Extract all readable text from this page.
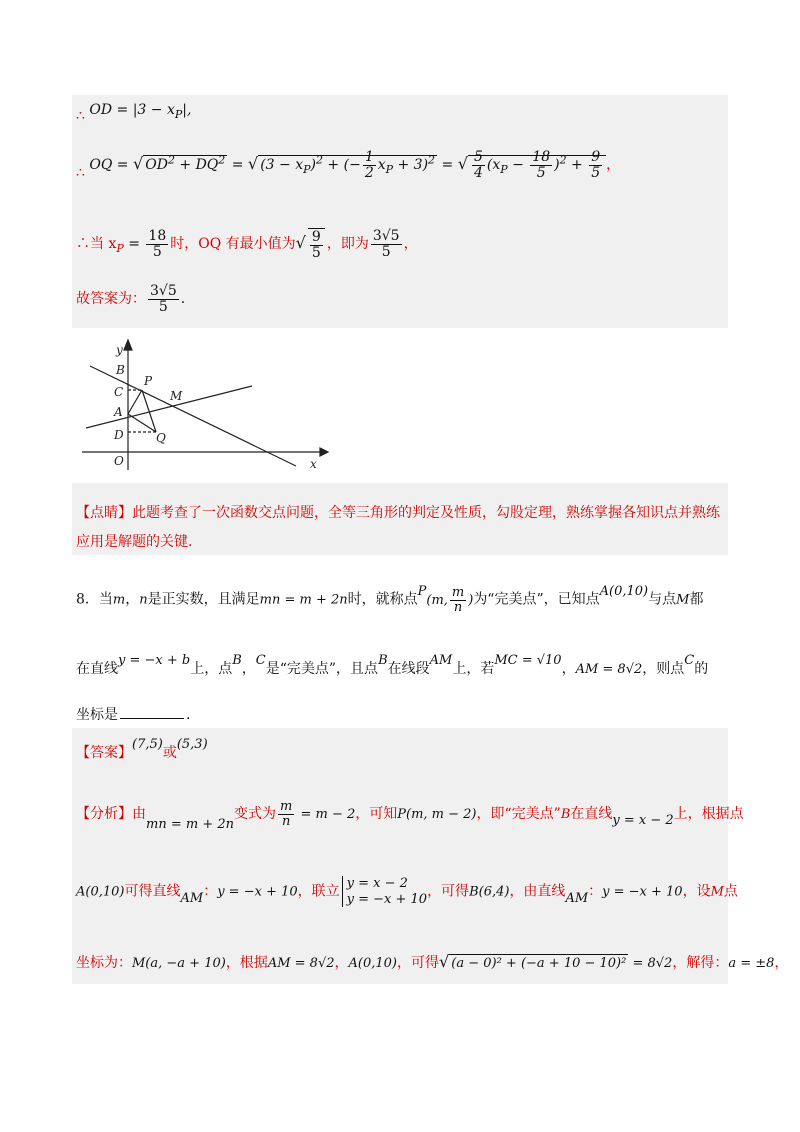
∴ OD = $|3 - x_P|$,
∴ OQ = √ $OD^2 + DQ^2$ = √ $(3 - x_P)^2$ + (− $\frac{1}{2} x_P + 3)^2$ = √ $\frac{5}{4} (x_P - \frac{18}{5} )^2 + \frac{9}{5}$ ，
∴当 $x_P = \frac{18}{5}$ 时，OQ 有最小值为√ $\frac{9}{5}$ ，即为 $\frac{3√5}{5}$ ，
故答案为： $\frac{3√5}{5}$ .
y
x
B
C
A
D
O
P
M
Q
【点睛】此题考查了一次函数交点问题，全等三角形的判定及性质，勾股定理，熟练掌握各知识点并熟练
应用是解题的关键.
8．当m，n是正实数，且满足mn = m + 2n时，就称点P(m, $\frac{m}{n}$ )为“完美点”，已知点A(0,10)与点M都
在直线y = −x + b上，点B，C是“完美点”，且点B在线段AM上，若MC = √10，AM = 8√2，则点C的
坐标是	.
【答案】(7,5)或(5,3)
【分析】由mn = m + 2n变式为 $\frac{m}{n} = m - 2$，可知P(m, m − 2)，即“完美点”B在直线y = x − 2上，根据点
A(0,10)可得直线AM：y = −x + 10，联立
y = x − 2
y = −x + 10 ，可得B(6,4)，由直线AM：y = −x + 10，设M点
坐标为：M(a, −a + 10)，根据AM = 8√2，A(0,10)，可得√ (a − 0)² + (−a + 10 − 10)² = 8√2，解得：a = ±8，
